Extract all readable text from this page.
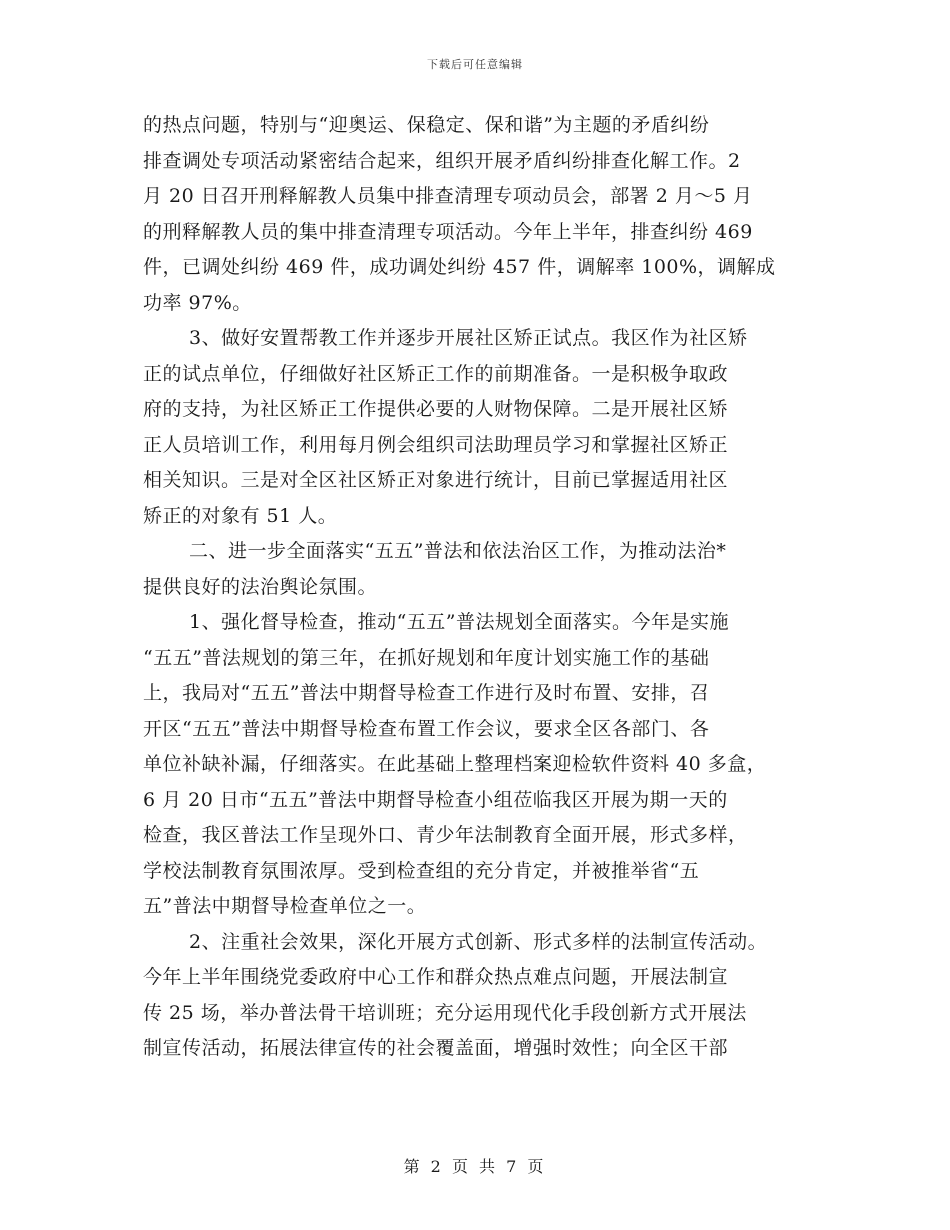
下载后可任意编辑
的热点问题，特别与“迎奥运、保稳定、保和谐”为主题的矛盾纠纷
排查调处专项活动紧密结合起来，组织开展矛盾纠纷排查化解工作。2
月 20 日召开刑释解教人员集中排查清理专项动员会，部署 2 月～5 月
的刑释解教人员的集中排查清理专项活动。今年上半年，排查纠纷 469
件，已调处纠纷 469 件，成功调处纠纷 457 件，调解率 100%，调解成
功率 97%。
3、做好安置帮教工作并逐步开展社区矫正试点。我区作为社区矫
正的试点单位，仔细做好社区矫正工作的前期准备。一是积极争取政
府的支持，为社区矫正工作提供必要的人财物保障。二是开展社区矫
正人员培训工作，利用每月例会组织司法助理员学习和掌握社区矫正
相关知识。三是对全区社区矫正对象进行统计，目前已掌握适用社区
矫正的对象有 51 人。
二、进一步全面落实“五五”普法和依法治区工作，为推动法治*
提供良好的法治舆论氛围。
1、强化督导检查，推动“五五”普法规划全面落实。今年是实施
“五五”普法规划的第三年，在抓好规划和年度计划实施工作的基础
上，我局对“五五”普法中期督导检查工作进行及时布置、安排，召
开区“五五”普法中期督导检查布置工作会议，要求全区各部门、各
单位补缺补漏，仔细落实。在此基础上整理档案迎检软件资料 40 多盒，
6 月 20 日市“五五”普法中期督导检查小组莅临我区开展为期一天的
检查，我区普法工作呈现外口、青少年法制教育全面开展，形式多样，
学校法制教育氛围浓厚。受到检查组的充分肯定，并被推举省“五
五”普法中期督导检查单位之一。
2、注重社会效果，深化开展方式创新、形式多样的法制宣传活动。
今年上半年围绕党委政府中心工作和群众热点难点问题，开展法制宣
传 25 场，举办普法骨干培训班；充分运用现代化手段创新方式开展法
制宣传活动，拓展法律宣传的社会覆盖面，增强时效性；向全区干部
第 2 页 共 7 页
